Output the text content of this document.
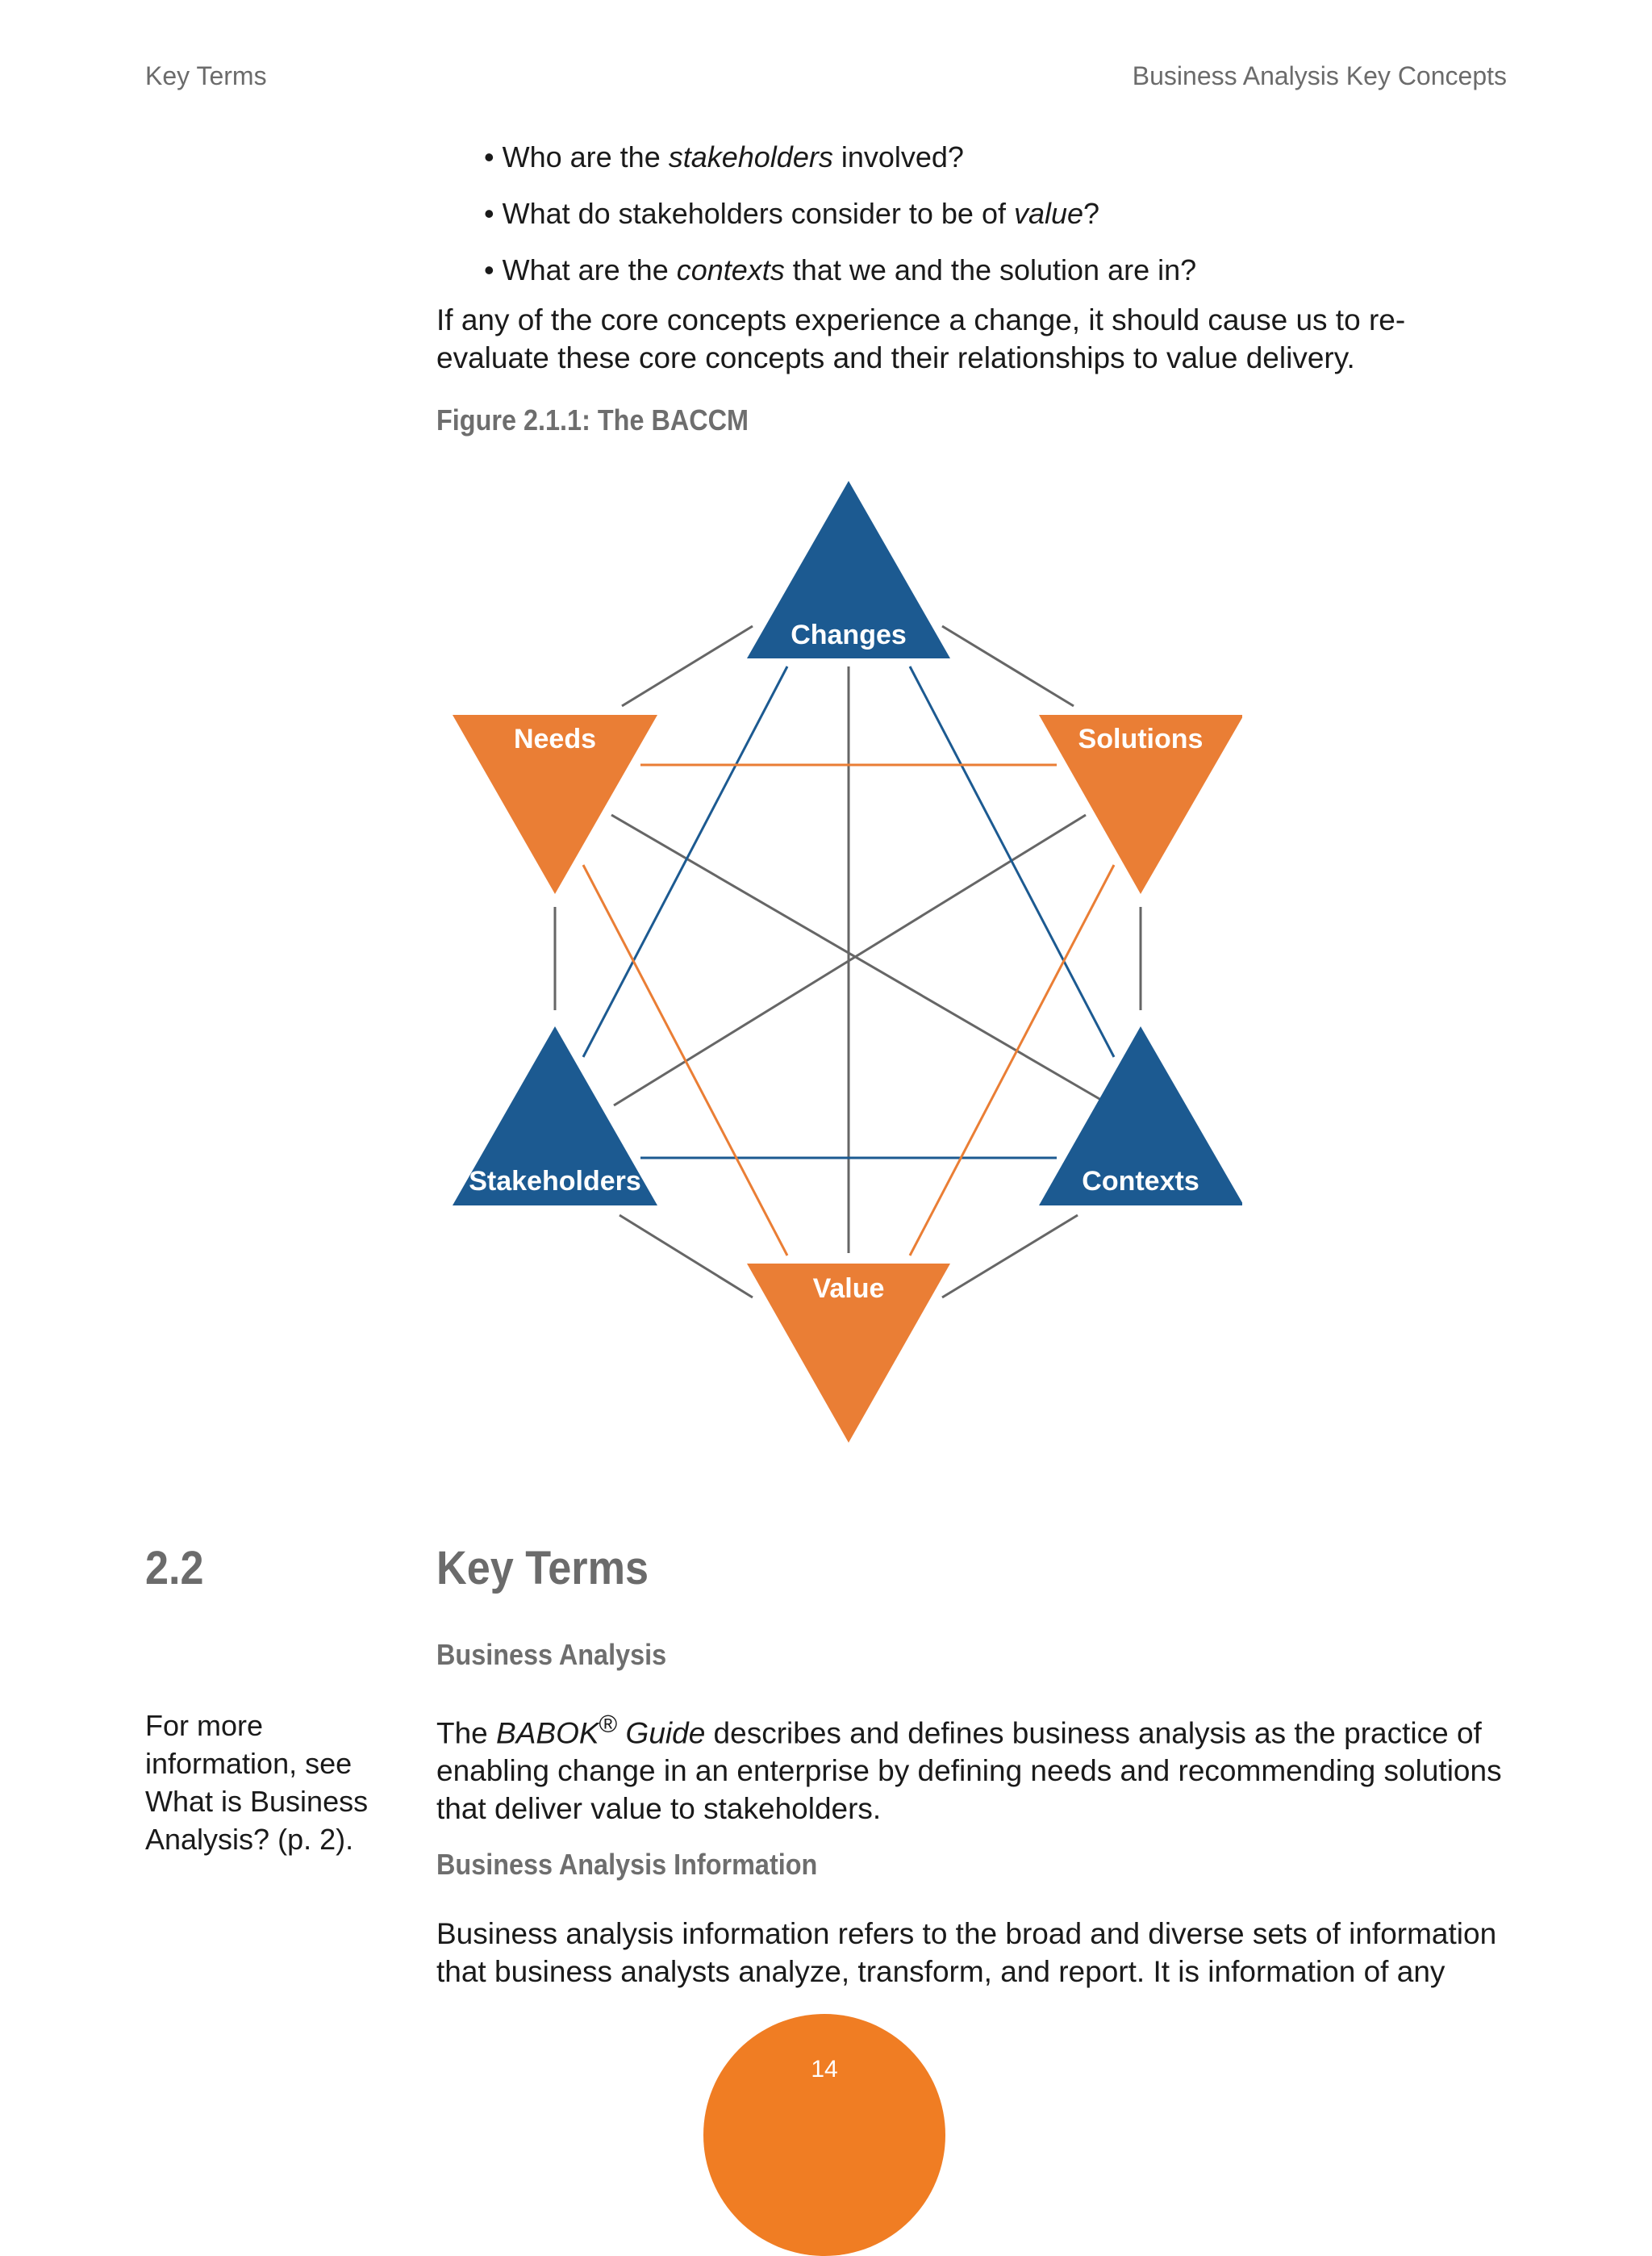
Key Terms	Business Analysis Key Concepts
• Who are the stakeholders involved?
• What do stakeholders consider to be of value?
• What are the contexts that we and the solution are in?

If any of the core concepts experience a change, it should cause us to re-evaluate these core concepts and their relationships to value delivery.

Figure 2.1.1: The BACCM
Changes
Needs	Solutions
Stakeholders	Contexts
Value
2.2	Key Terms
Business Analysis

The BABOK® Guide describes and defines business analysis as the practice of enabling change in an enterprise by defining needs and recommending solutions that deliver value to stakeholders.

For more information, see What is Business Analysis? (p. 2).

Business Analysis Information

Business analysis information refers to the broad and diverse sets of information that business analysts analyze, transform, and report. It is information of any

14
